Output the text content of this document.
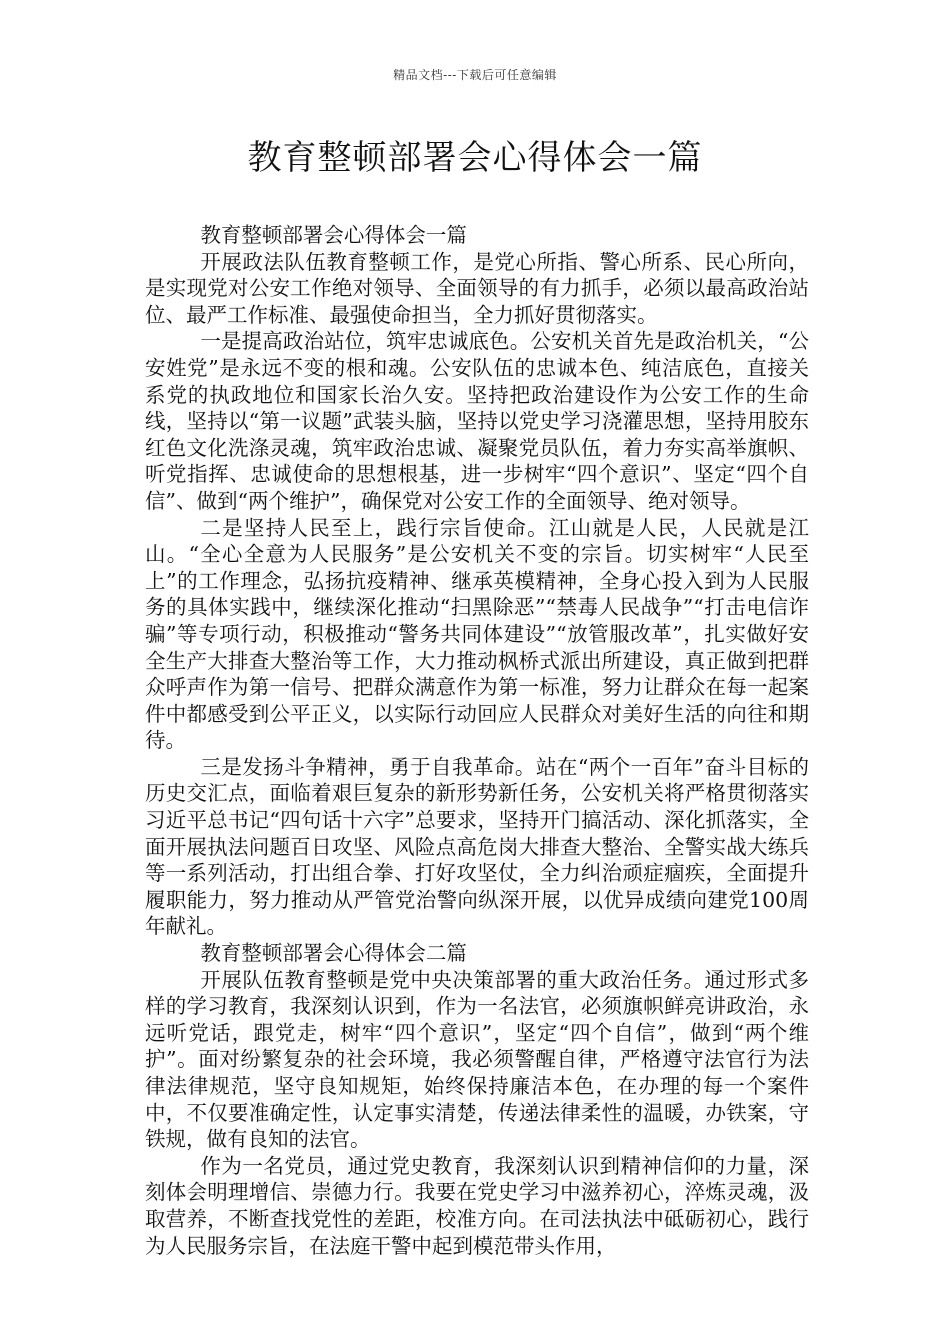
精品文档---下载后可任意编辑
教育整顿部署会心得体会一篇

教育整顿部署会心得体会一篇

开展政法队伍教育整顿工作，是党心所指、警心所系、民心所向，是实现党对公安工作绝对领导、全面领导的有力抓手，必须以最高政治站位、最严工作标准、最强使命担当，全力抓好贯彻落实。

一是提高政治站位，筑牢忠诚底色。公安机关首先是政治机关，“公安姓党”是永远不变的根和魂。公安队伍的忠诚本色、纯洁底色，直接关系党的执政地位和国家长治久安。坚持把政治建设作为公安工作的生命线，坚持以“第一议题”武装头脑，坚持以党史学习浇灌思想，坚持用胶东红色文化洗涤灵魂，筑牢政治忠诚、凝聚党员队伍，着力夯实高举旗帜、听党指挥、忠诚使命的思想根基，进一步树牢“四个意识”、坚定“四个自信”、做到“两个维护”，确保党对公安工作的全面领导、绝对领导。

二是坚持人民至上，践行宗旨使命。江山就是人民，人民就是江山。“全心全意为人民服务”是公安机关不变的宗旨。切实树牢“人民至上”的工作理念，弘扬抗疫精神、继承英模精神，全身心投入到为人民服务的具体实践中，继续深化推动“扫黑除恶”“禁毒人民战争”“打击电信诈骗”等专项行动，积极推动“警务共同体建设”“放管服改革”，扎实做好安全生产大排查大整治等工作，大力推动枫桥式派出所建设，真正做到把群众呼声作为第一信号、把群众满意作为第一标准，努力让群众在每一起案件中都感受到公平正义，以实际行动回应人民群众对美好生活的向往和期待。

三是发扬斗争精神，勇于自我革命。站在“两个一百年”奋斗目标的历史交汇点，面临着艰巨复杂的新形势新任务，公安机关将严格贯彻落实习近平总书记“四句话十六字”总要求，坚持开门搞活动、深化抓落实，全面开展执法问题百日攻坚、风险点高危岗大排查大整治、全警实战大练兵等一系列活动，打出组合拳、打好攻坚仗，全力纠治顽症痼疾，全面提升履职能力，努力推动从严管党治警向纵深开展，以优异成绩向建党100周年献礼。

教育整顿部署会心得体会二篇

开展队伍教育整顿是党中央决策部署的重大政治任务。通过形式多样的学习教育，我深刻认识到，作为一名法官，必须旗帜鲜亮讲政治，永远听党话，跟党走，树牢“四个意识”，坚定“四个自信”，做到“两个维护”。面对纷繁复杂的社会环境，我必须警醒自律，严格遵守法官行为法律法律规范，坚守良知规矩，始终保持廉洁本色，在办理的每一个案件中，不仅要准确定性，认定事实清楚，传递法律柔性的温暖，办铁案，守铁规，做有良知的法官。

作为一名党员，通过党史教育，我深刻认识到精神信仰的力量，深刻体会明理增信、崇德力行。我要在党史学习中滋养初心，淬炼灵魂，汲取营养，不断查找党性的差距，校准方向。在司法执法中砥砺初心，践行为人民服务宗旨，在法庭干警中起到模范带头作用，
